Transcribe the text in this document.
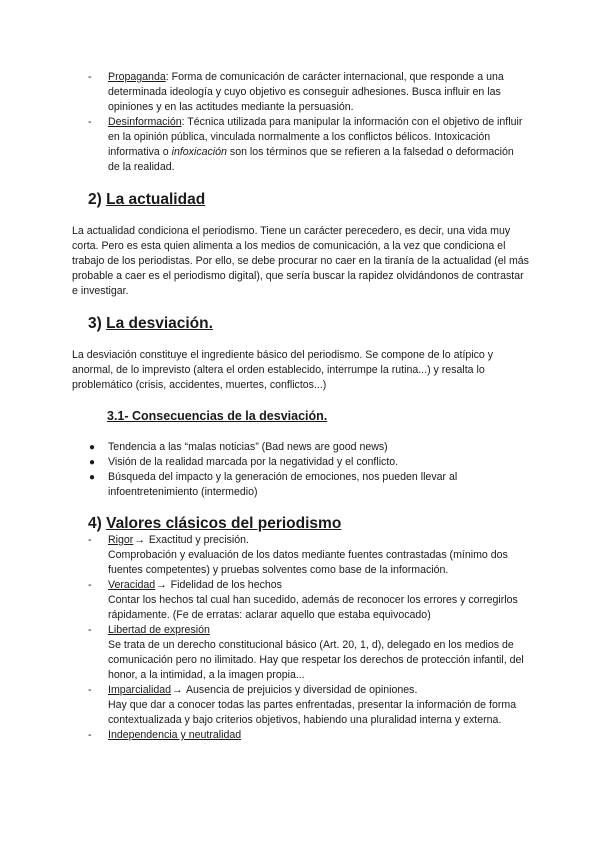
- Propaganda: Forma de comunicación de carácter internacional, que responde a una determinada ideología y cuyo objetivo es conseguir adhesiones. Busca influir en las opiniones y en las actitudes mediante la persuasión.
- Desinformación: Técnica utilizada para manipular la información con el objetivo de influir en la opinión pública, vinculada normalmente a los conflictos bélicos. Intoxicación informativa o infoxicación son los términos que se refieren a la falsedad o deformación de la realidad.
2) La actualidad

La actualidad condiciona el periodismo. Tiene un carácter perecedero, es decir, una vida muy corta. Pero es esta quien alimenta a los medios de comunicación, a la vez que condiciona el trabajo de los periodistas. Por ello, se debe procurar no caer en la tiranía de la actualidad (el más probable a caer es el periodismo digital), que sería buscar la rapidez olvidándonos de contrastar e investigar.

3) La desviación.

La desviación constituye el ingrediente básico del periodismo. Se compone de lo atípico y anormal, de lo imprevisto (altera el orden establecido, interrumpe la rutina...) y resalta lo problemático (crisis, accidentes, muertes, conflictos...)

3.1- Consecuencias de la desviación.
● Tendencia a las “malas noticias” (Bad news are good news)
● Visión de la realidad marcada por la negatividad y el conflicto.
● Búsqueda del impacto y la generación de emociones, nos pueden llevar al infoentretenimiento (intermedio)
4) Valores clásicos del periodismo
- Rigor→ Exactitud y precisión.
Comprobación y evaluación de los datos mediante fuentes contrastadas (mínimo dos fuentes competentes) y pruebas solventes como base de la información.
- Veracidad→ Fidelidad de los hechos
Contar los hechos tal cual han sucedido, además de reconocer los errores y corregirlos rápidamente. (Fe de erratas: aclarar aquello que estaba equivocado)
- Libertad de expresión
Se trata de un derecho constitucional básico (Art. 20, 1, d), delegado en los medios de comunicación pero no ilimitado. Hay que respetar los derechos de protección infantil, del honor, a la intimidad, a la imagen propia...
- Imparcialidad→ Ausencia de prejuicios y diversidad de opiniones.
Hay que dar a conocer todas las partes enfrentadas, presentar la información de forma contextualizada y bajo criterios objetivos, habiendo una pluralidad interna y externa.
- Independencia y neutralidad
